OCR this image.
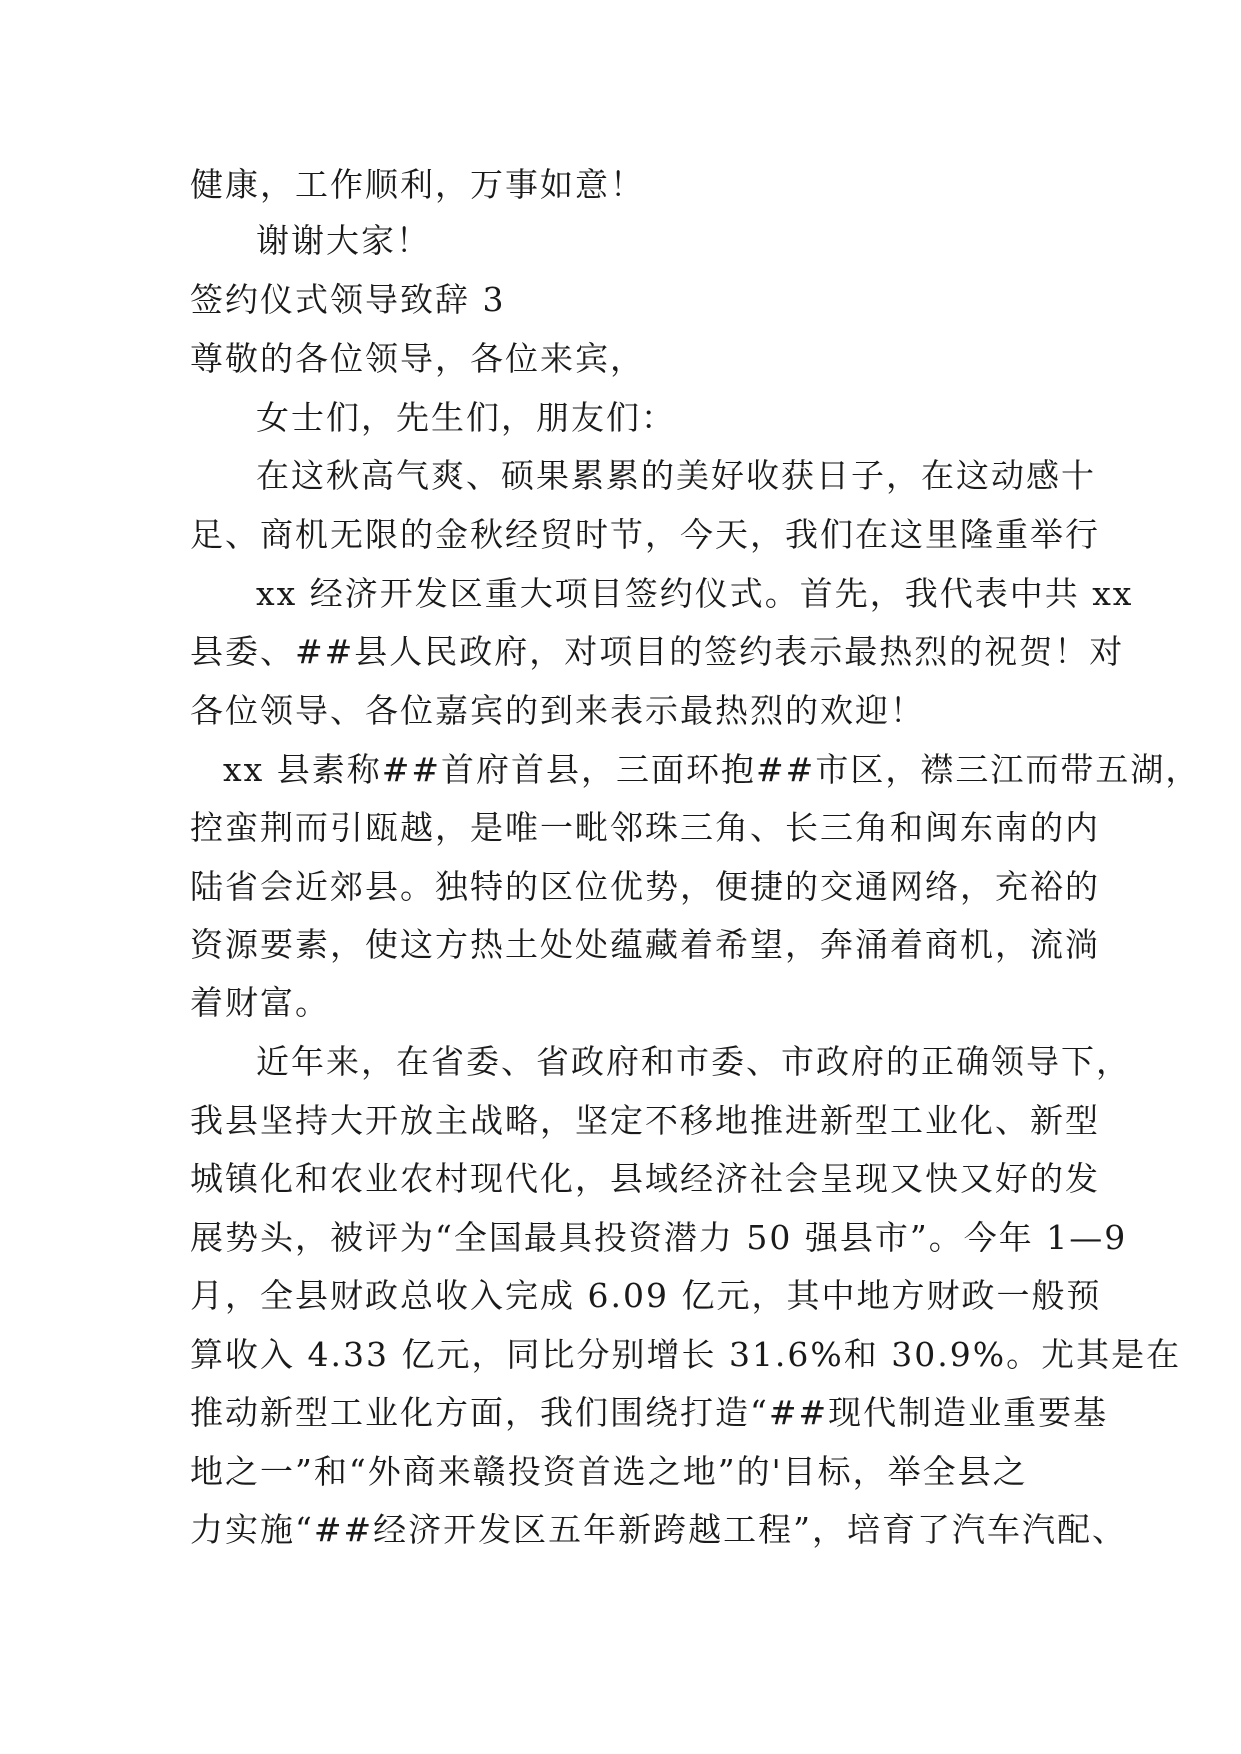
健康，工作顺利，万事如意！
谢谢大家！
签约仪式领导致辞 3
尊敬的各位领导，各位来宾，
女士们，先生们，朋友们：
在这秋高气爽、硕果累累的美好收获日子，在这动感十
足、商机无限的金秋经贸时节，今天，我们在这里隆重举行
xx 经济开发区重大项目签约仪式。首先，我代表中共 xx
县委、##县人民政府，对项目的签约表示最热烈的祝贺！对
各位领导、各位嘉宾的到来表示最热烈的欢迎！
xx 县素称##首府首县，三面环抱##市区，襟三江而带五湖，
控蛮荆而引瓯越，是唯一毗邻珠三角、长三角和闽东南的内
陆省会近郊县。独特的区位优势，便捷的交通网络，充裕的
资源要素，使这方热土处处蕴藏着希望，奔涌着商机，流淌
着财富。
近年来，在省委、省政府和市委、市政府的正确领导下，
我县坚持大开放主战略，坚定不移地推进新型工业化、新型
城镇化和农业农村现代化，县域经济社会呈现又快又好的发
展势头，被评为“全国最具投资潜力 50 强县市”。今年 1—9
月，全县财政总收入完成 6.09 亿元，其中地方财政一般预
算收入 4.33 亿元，同比分别增长 31.6%和 30.9%。尤其是在
推动新型工业化方面，我们围绕打造“##现代制造业重要基
地之一”和“外商来赣投资首选之地”的'目标，举全县之
力实施“##经济开发区五年新跨越工程”，培育了汽车汽配、
